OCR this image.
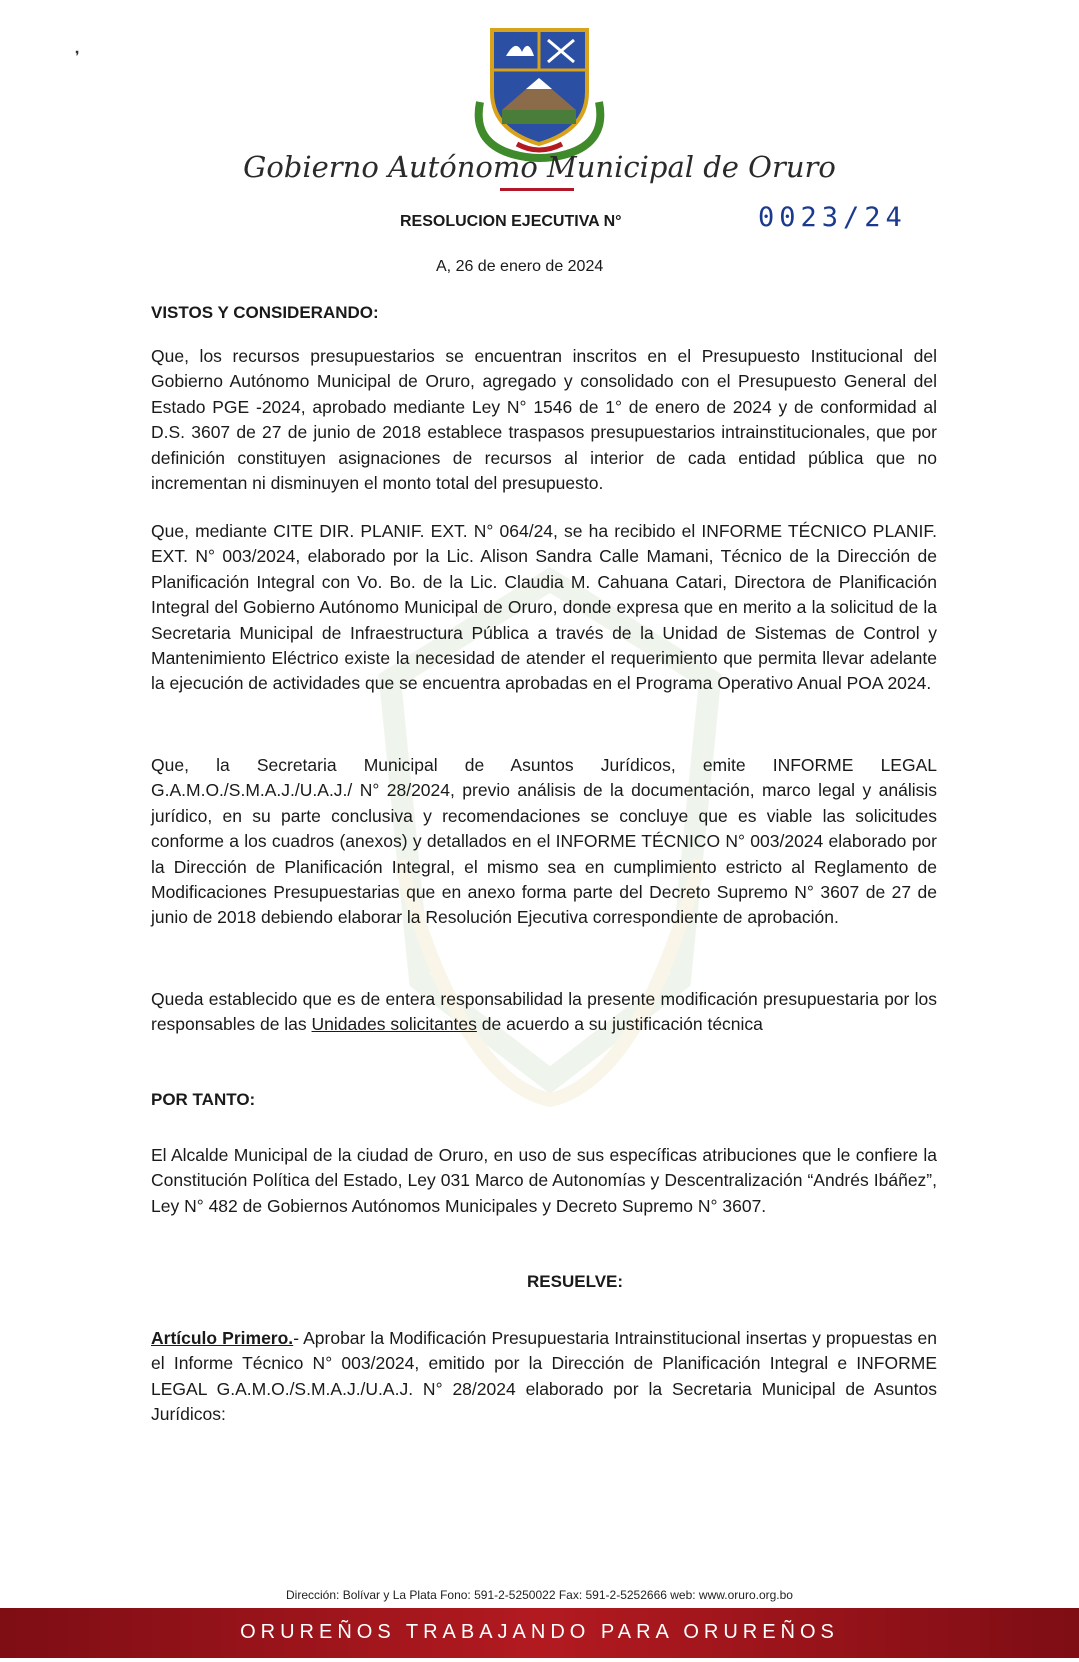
❜
Gobierno Autónomo Municipal de Oruro
RESOLUCION EJECUTIVA N°	0023/24
A, 26 de enero de 2024
VISTOS Y CONSIDERANDO:

Que, los recursos presupuestarios se encuentran inscritos en el Presupuesto Institucional del Gobierno Autónomo Municipal de Oruro, agregado y consolidado con el Presupuesto General del Estado PGE -2024, aprobado mediante Ley N° 1546 de 1° de enero de 2024 y de conformidad al D.S. 3607 de 27 de junio de 2018 establece traspasos presupuestarios intrainstitucionales, que por definición constituyen asignaciones de recursos al interior de cada entidad pública que no incrementan ni disminuyen el monto total del presupuesto.

Que, mediante CITE DIR. PLANIF. EXT. N° 064/24, se ha recibido el INFORME TÉCNICO PLANIF. EXT. N° 003/2024, elaborado por la Lic. Alison Sandra Calle Mamani, Técnico de la Dirección de Planificación Integral con Vo. Bo. de la Lic. Claudia M. Cahuana Catari, Directora de Planificación Integral del Gobierno Autónomo Municipal de Oruro, donde expresa que en merito a la solicitud de la Secretaria Municipal de Infraestructura Pública a través de la Unidad de Sistemas de Control y Mantenimiento Eléctrico existe la necesidad de atender el requerimiento que permita llevar adelante la ejecución de actividades que se encuentra aprobadas en el Programa Operativo Anual POA 2024.

Que, la Secretaria Municipal de Asuntos Jurídicos, emite INFORME LEGAL G.A.M.O./S.M.A.J./U.A.J./ N° 28/2024, previo análisis de la documentación, marco legal y análisis jurídico, en su parte conclusiva y recomendaciones se concluye que es viable las solicitudes conforme a los cuadros (anexos) y detallados en el INFORME TÉCNICO N° 003/2024 elaborado por la Dirección de Planificación Integral, el mismo sea en cumplimiento estricto al Reglamento de Modificaciones Presupuestarias que en anexo forma parte del Decreto Supremo N° 3607 de 27 de junio de 2018 debiendo elaborar la Resolución Ejecutiva correspondiente de aprobación.

Queda establecido que es de entera responsabilidad la presente modificación presupuestaria por los responsables de las Unidades solicitantes de acuerdo a su justificación técnica

POR TANTO:

El Alcalde Municipal de la ciudad de Oruro, en uso de sus específicas atribuciones que le confiere la Constitución Política del Estado, Ley 031 Marco de Autonomías y Descentralización “Andrés Ibáñez”, Ley N° 482 de Gobiernos Autónomos Municipales y Decreto Supremo N° 3607.

RESUELVE:

Artículo Primero.- Aprobar la Modificación Presupuestaria Intrainstitucional insertas y propuestas en el Informe Técnico N° 003/2024, emitido por la Dirección de Planificación Integral e INFORME LEGAL G.A.M.O./S.M.A.J./U.A.J. N° 28/2024 elaborado por la Secretaria Municipal de Asuntos Jurídicos:

Dirección: Bolívar y La Plata Fono: 591-2-5250022 Fax: 591-2-5252666 web: www.oruro.org.bo
ORUREÑOS TRABAJANDO PARA ORUREÑOS
